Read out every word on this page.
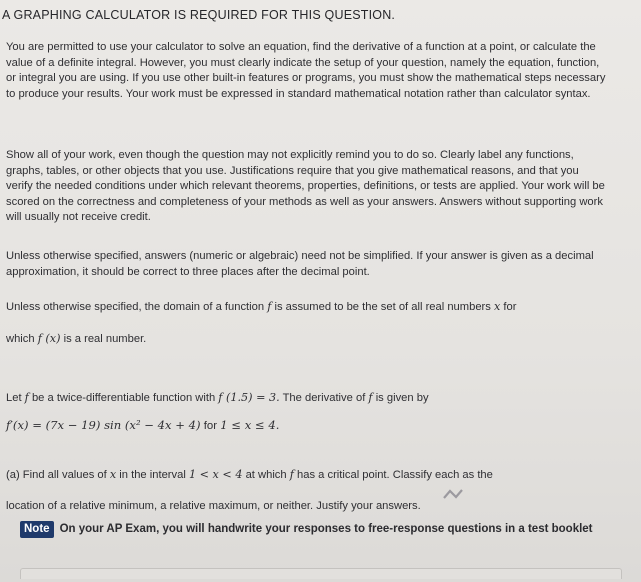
A GRAPHING CALCULATOR IS REQUIRED FOR THIS QUESTION.

You are permitted to use your calculator to solve an equation, find the derivative of a function at a point, or calculate the value of a definite integral. However, you must clearly indicate the setup of your question, namely the equation, function, or integral you are using. If you use other built-in features or programs, you must show the mathematical steps necessary to produce your results. Your work must be expressed in standard mathematical notation rather than calculator syntax.

Show all of your work, even though the question may not explicitly remind you to do so. Clearly label any functions, graphs, tables, or other objects that you use. Justifications require that you give mathematical reasons, and that you verify the needed conditions under which relevant theorems, properties, definitions, or tests are applied. Your work will be scored on the correctness and completeness of your methods as well as your answers. Answers without supporting work will usually not receive credit.

Unless otherwise specified, answers (numeric or algebraic) need not be simplified. If your answer is given as a decimal approximation, it should be correct to three places after the decimal point.

Unless otherwise specified, the domain of a function f is assumed to be the set of all real numbers x for

which f (x) is a real number.

Let f be a twice-differentiable function with f (1.5) = 3. The derivative of f is given by

f′(x) = (7x − 19) sin (x² − 4x + 4) for 1 ≤ x ≤ 4.

(a) Find all values of x in the interval 1 < x < 4 at which f has a critical point. Classify each as the

location of a relative minimum, a relative maximum, or neither. Justify your answers.

Note On your AP Exam, you will handwrite your responses to free-response questions in a test booklet
